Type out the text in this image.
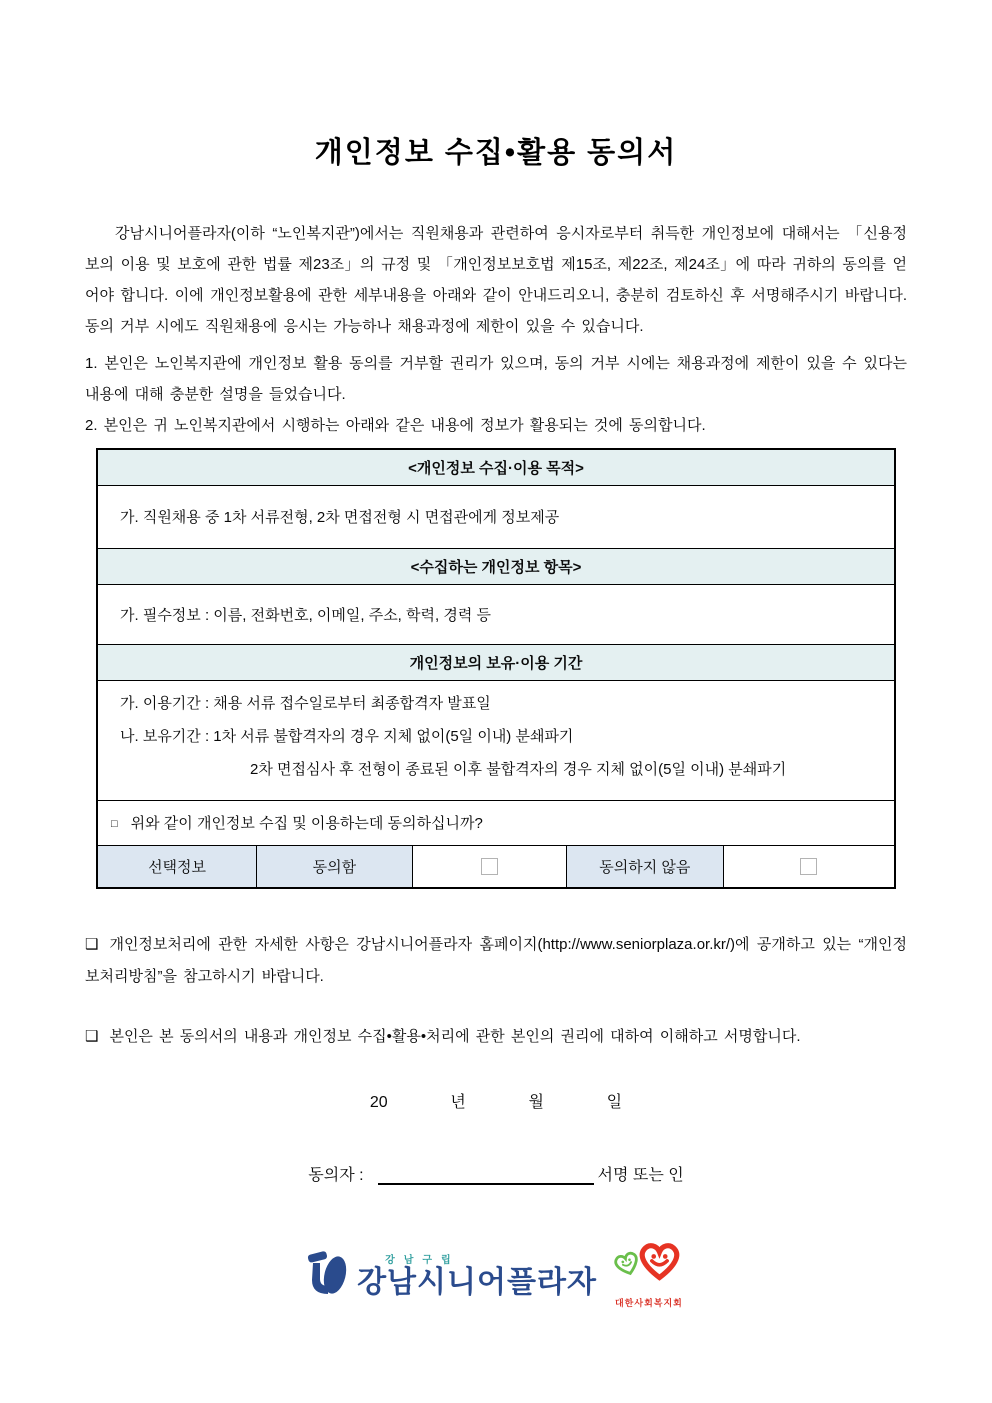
개인정보 수집•활용 동의서

강남시니어플라자(이하 “노인복지관”)에서는 직원채용과 관련하여 응시자로부터 취득한 개인정보에 대해서는 「신용정보의 이용 및 보호에 관한 법률 제23조」의 규정 및 「개인정보보호법 제15조, 제22조, 제24조」에 따라 귀하의 동의를 얻어야 합니다. 이에 개인정보활용에 관한 세부내용을 아래와 같이 안내드리오니, 충분히 검토하신 후 서명해주시기 바랍니다. 동의 거부 시에도 직원채용에 응시는 가능하나 채용과정에 제한이 있을 수 있습니다.

1. 본인은 노인복지관에 개인정보 활용 동의를 거부할 권리가 있으며, 동의 거부 시에는 채용과정에 제한이 있을 수 있다는 내용에 대해 충분한 설명을 들었습니다.
2. 본인은 귀 노인복지관에서 시행하는 아래와 같은 내용에 정보가 활용되는 것에 동의합니다.
<개인정보 수집·이용 목적>
가. 직원채용 중 1차 서류전형, 2차 면접전형 시 면접관에게 정보제공
<수집하는 개인정보 항목>
가. 필수정보 : 이름, 전화번호, 이메일, 주소, 학력, 경력 등
개인정보의 보유·이용 기간

가. 이용기간 : 채용 서류 접수일로부터 최종합격자 발표일
나. 보유기간 : 1차 서류 불합격자의 경우 지체 없이(5일 이내) 분쇄파기
2차 면접심사 후 전형이 종료된 이후 불합격자의 경우 지체 없이(5일 이내) 분쇄파기

□ 위와 같이 개인정보 수집 및 이용하는데 동의하십니까?
선택정보	동의함		동의하지 않음	

❑ 개인정보처리에 관한 자세한 사항은 강남시니어플라자 홈페이지(http://www.seniorplaza.or.kr/)에 공개하고 있는 “개인정보처리방침”을 참고하시기 바랍니다.

❑ 본인은 본 동의서의 내용과 개인정보 수집•활용•처리에 관한 본인의 권리에 대하여 이해하고 서명합니다.

20      년      월      일
동의자 :	서명 또는 인
강남구립
강남시니어플라자
대한사회복지회
